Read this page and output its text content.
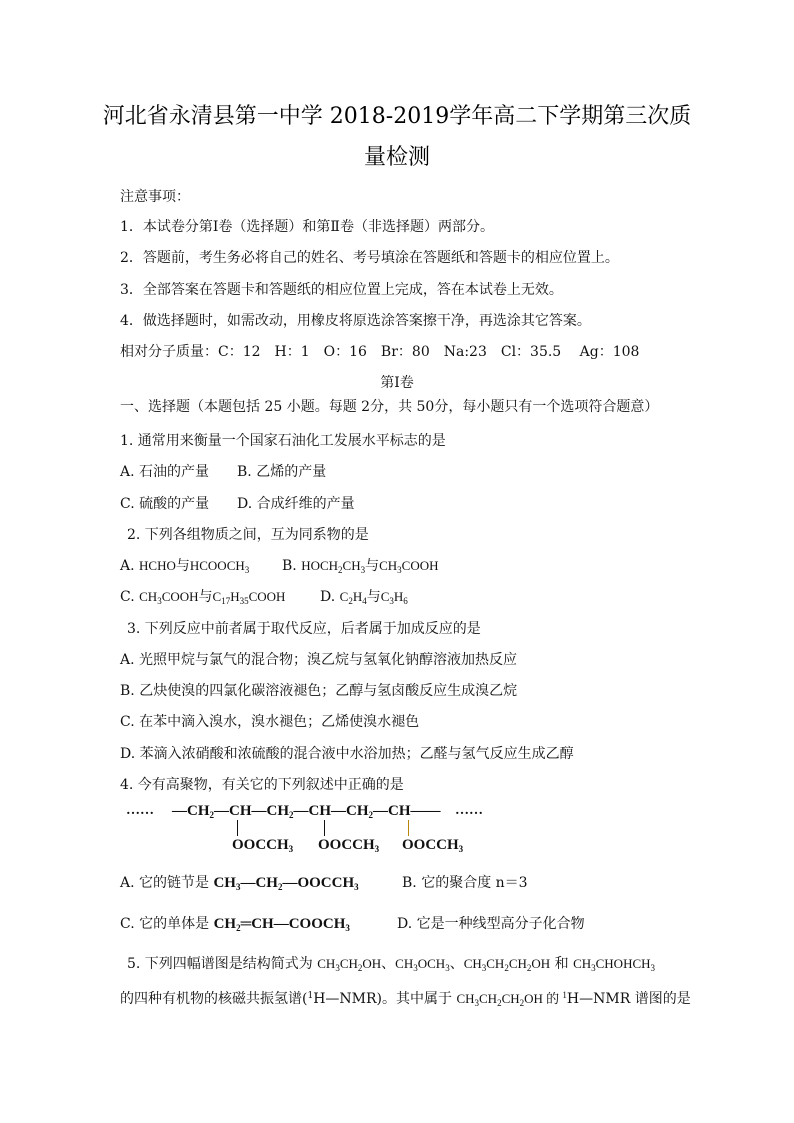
河北省永清县第一中学 2018-2019学年高二下学期第三次质
量检测
注意事项：
1．本试卷分第Ⅰ卷（选择题）和第Ⅱ卷（非选择题）两部分。
2．答题前，考生务必将自己的姓名、考号填涂在答题纸和答题卡的相应位置上。
3．全部答案在答题卡和答题纸的相应位置上完成，答在本试卷上无效。
4．做选择题时，如需改动，用橡皮将原选涂答案擦干净，再选涂其它答案。
相对分子质量：C：12　H：1　O：16　Br：80　Na:23　Cl：35.5　 Ag：108
第Ⅰ卷
一、选择题（本题包括 25 小题。每题 2分，共 50分，每小题只有一个选项符合题意）
1. 通常用来衡量一个国家石油化工发展水平标志的是
A. 石油的产量 B. 乙烯的产量
C. 硫酸的产量 D. 合成纤维的产量
2. 下列各组物质之间，互为同系物的是
A. HCHO与$HCOOCH_3$ B. $HOCH_2CH_3$与$CH_3COOH$
C. $CH_3COOH$与$C_{17}H_{35}COOH$ D. $C_2H_4$与$C_3H_6$
3. 下列反应中前者属于取代反应，后者属于加成反应的是
A. 光照甲烷与氯气的混合物；溴乙烷与氢氧化钠醇溶液加热反应
B. 乙炔使溴的四氯化碳溶液褪色；乙醇与氢卤酸反应生成溴乙烷
C. 在苯中滴入溴水，溴水褪色；乙烯使溴水褪色
D. 苯滴入浓硝酸和浓硫酸的混合液中水浴加热；乙醛与氢气反应生成乙醇
4. 今有高聚物，有关它的下列叙述中正确的是
…… $—CH_2—CH—CH_2—CH—CH_2—CH——$ ……
$OOCCH_3$ $OOCCH_3$ $OOCCH_3$
A. 它的链节是 $CH_3—CH_2—OOCCH_3$	B. 它的聚合度 n＝3
C. 它的单体是 $CH_2═CH—COOCH_3$	D. 它是一种线型高分子化合物
5. 下列四幅谱图是结构简式为 $CH_3CH_2OH$、$CH_3OCH_3$、$CH_3CH_2CH_2OH$ 和 $CH_3CHOHCH_3$
的四种有机物的核磁共振氢谱($^1$H—NMR)。其中属于 $CH_3CH_2CH_2OH$ 的 $^1$H—NMR 谱图的是
